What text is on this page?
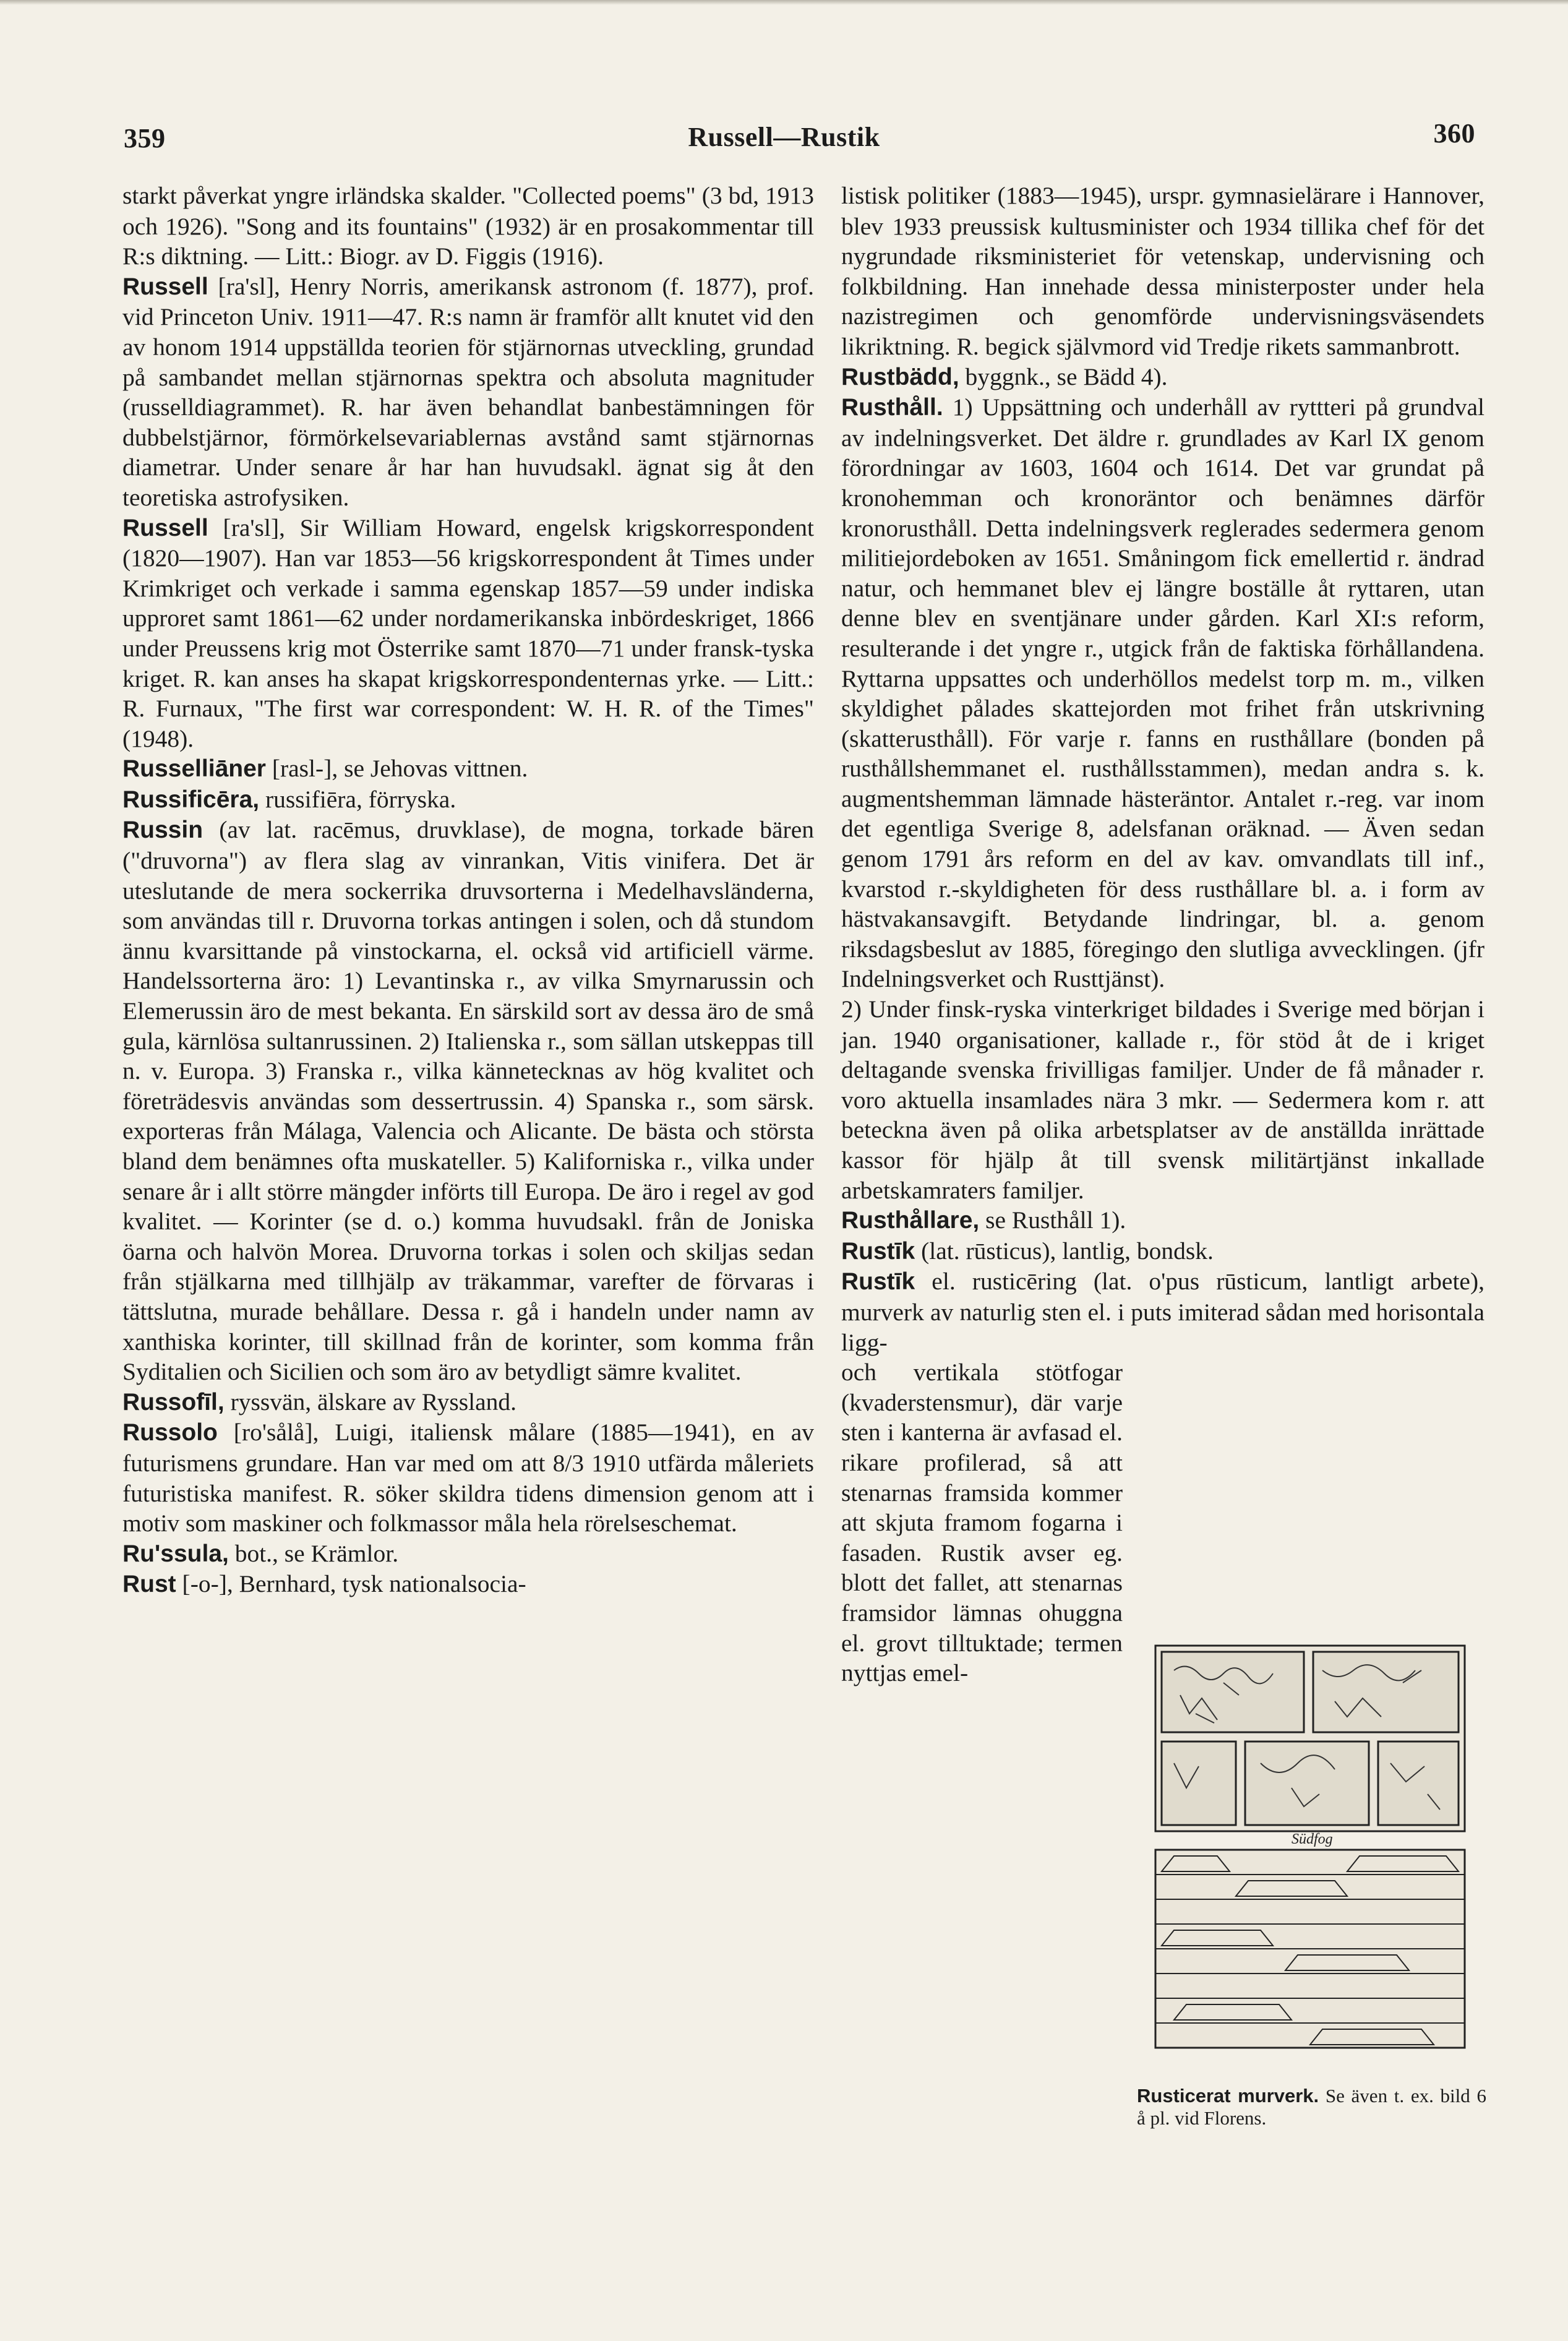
359	Russell—Rustik	360

starkt påverkat yngre irländska skalder. "Collected poems" (3 bd, 1913 och 1926). "Song and its fountains" (1932) är en prosakommentar till R:s diktning. — Litt.: Biogr. av D. Figgis (1916).

Russell [ra'sl], Henry Norris, amerikansk astronom (f. 1877), prof. vid Princeton Univ. 1911—47. R:s namn är framför allt knutet vid den av honom 1914 uppställda teorien för stjärnornas utveckling, grundad på sambandet mellan stjärnornas spektra och absoluta magnituder (russelldiagrammet). R. har även behandlat banbestämningen för dubbelstjärnor, förmörkelsevariablernas avstånd samt stjärnornas diametrar. Under senare år har han huvudsakl. ägnat sig åt den teoretiska astrofysiken.

Russell [ra'sl], Sir William Howard, engelsk krigskorrespondent (1820—1907). Han var 1853—56 krigskorrespondent åt Times under Krimkriget och verkade i samma egenskap 1857—59 under indiska upproret samt 1861—62 under nordamerikanska inbördeskriget, 1866 under Preussens krig mot Österrike samt 1870—71 under fransk-tyska kriget. R. kan anses ha skapat krigskorrespondenternas yrke. — Litt.: R. Furnaux, "The first war correspondent: W. H. R. of the Times" (1948).

Russelliāner [rasl-], se Jehovas vittnen.

Russificēra, russifiēra, förryska.

Russin (av lat. racēmus, druvklase), de mogna, torkade bären ("druvorna") av flera slag av vinrankan, Vitis vinifera. Det är uteslutande de mera sockerrika druvsorterna i Medelhavsländerna, som användas till r. Druvorna torkas antingen i solen, och då stundom ännu kvarsittande på vinstockarna, el. också vid artificiell värme. Handelssorterna äro: 1) Levantinska r., av vilka Smyrnarussin och Elemerussin äro de mest bekanta. En särskild sort av dessa äro de små gula, kärnlösa sultanrussinen. 2) Italienska r., som sällan utskeppas till n. v. Europa. 3) Franska r., vilka kännetecknas av hög kvalitet och företrädesvis användas som dessertrussin. 4) Spanska r., som särsk. exporteras från Málaga, Valencia och Alicante. De bästa och största bland dem benämnes ofta muskateller. 5) Kaliforniska r., vilka under senare år i allt större mängder införts till Europa. De äro i regel av god kvalitet. — Korinter (se d. o.) komma huvudsakl. från de Joniska öarna och halvön Morea. Druvorna torkas i solen och skiljas sedan från stjälkarna med tillhjälp av träkammar, varefter de förvaras i tättslutna, murade behållare. Dessa r. gå i handeln under namn av xanthiska korinter, till skillnad från de korinter, som komma från Syditalien och Sicilien och som äro av betydligt sämre kvalitet.

Russofīl, ryssvän, älskare av Ryssland.

Russolo [ro'sålå], Luigi, italiensk målare (1885—1941), en av futurismens grundare. Han var med om att 8/3 1910 utfärda måleriets futuristiska manifest. R. söker skildra tidens dimension genom att i motiv som maskiner och folkmassor måla hela rörelseschemat.

Ru'ssula, bot., se Krämlor.

Rust [-o-], Bernhard, tysk nationalsocia-

listisk politiker (1883—1945), urspr. gymnasielärare i Hannover, blev 1933 preussisk kultusminister och 1934 tillika chef för det nygrundade riksministeriet för vetenskap, undervisning och folkbildning. Han innehade dessa ministerposter under hela nazistregimen och genomförde undervisningsväsendets likriktning. R. begick självmord vid Tredje rikets sammanbrott.

Rustbädd, byggnk., se Bädd 4).

Rusthåll. 1) Uppsättning och underhåll av ryttteri på grundval av indelningsverket. Det äldre r. grundlades av Karl IX genom förordningar av 1603, 1604 och 1614. Det var grundat på kronohemman och kronoräntor och benämnes därför kronorusthåll. Detta indelningsverk reglerades sedermera genom militiejordeboken av 1651. Småningom fick emellertid r. ändrad natur, och hemmanet blev ej längre boställe åt ryttaren, utan denne blev en sventjänare under gården. Karl XI:s reform, resulterande i det yngre r., utgick från de faktiska förhållandena. Ryttarna uppsattes och underhöllos medelst torp m. m., vilken skyldighet pålades skattejorden mot frihet från utskrivning (skatterusthåll). För varje r. fanns en rusthållare (bonden på rusthållshemmanet el. rusthållsstammen), medan andra s. k. augmentshemman lämnade hästeräntor. Antalet r.-reg. var inom det egentliga Sverige 8, adelsfanan oräknad. — Även sedan genom 1791 års reform en del av kav. omvandlats till inf., kvarstod r.-skyldigheten för dess rusthållare bl. a. i form av hästvakansavgift. Betydande lindringar, bl. a. genom riksdagsbeslut av 1885, föregingo den slutliga avvecklingen. (jfr Indelningsverket och Rusttjänst).

2) Under finsk-ryska vinterkriget bildades i Sverige med början i jan. 1940 organisationer, kallade r., för stöd åt de i kriget deltagande svenska frivilligas familjer. Under de få månader r. voro aktuella insamlades nära 3 mkr. — Sedermera kom r. att beteckna även på olika arbetsplatser av de anställda inrättade kassor för hjälp åt till svensk militärtjänst inkallade arbetskamraters familjer.

Rusthållare, se Rusthåll 1).

Rustīk (lat. rūsticus), lantlig, bondsk.

Rustīk el. rusticēring (lat. o'pus rūsticum, lantligt arbete), murverk av naturlig sten el. i puts imiterad sådan med horisontala ligg-

och vertikala stötfogar (kvaderstensmur), där varje sten i kanterna är avfasad el. rikare profilerad, så att stenarnas framsida kommer att skjuta framom fogarna i fasaden. Rustik avser eg. blott det fallet, att stenarnas framsidor lämnas ohuggna el. grovt tilltuktade; termen nyttjas emel-

Südfog
Rusticerat murverk. Se även t. ex. bild 6 å pl. vid Florens.
